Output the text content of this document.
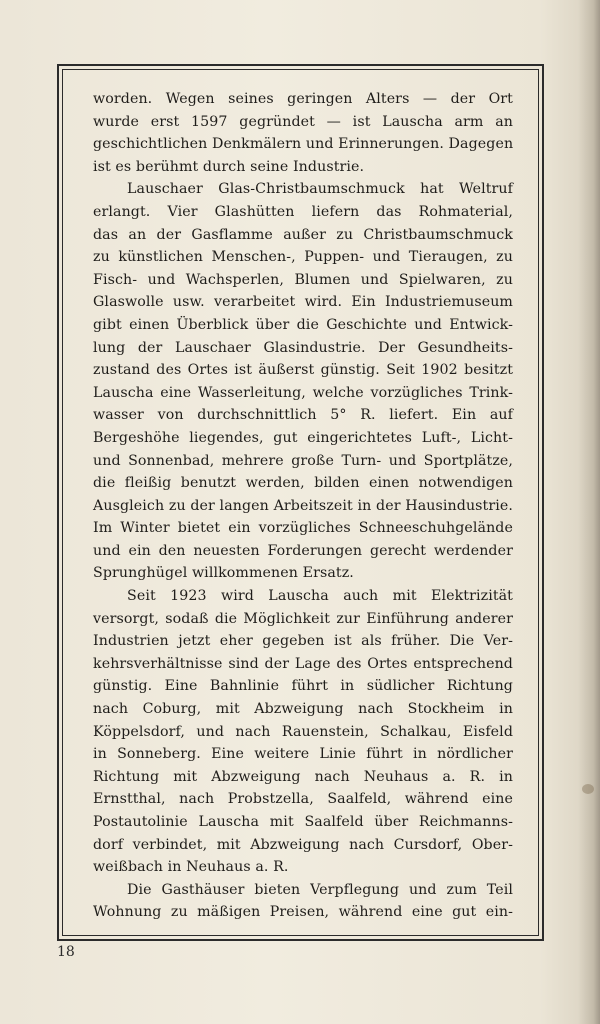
worden. Wegen seines geringen Alters — der Ort
wurde erst 1597 gegründet — ist Lauscha arm an
geschichtlichen Denkmälern und Erinnerungen. Dagegen
ist es berühmt durch seine Industrie.
Lauschaer Glas-Christbaumschmuck hat Weltruf
erlangt. Vier Glashütten liefern das Rohmaterial,
das an der Gasflamme außer zu Christbaumschmuck
zu künstlichen Menschen-, Puppen- und Tieraugen, zu
Fisch- und Wachsperlen, Blumen und Spielwaren, zu
Glaswolle usw. verarbeitet wird. Ein Industriemuseum
gibt einen Überblick über die Geschichte und Entwick-
lung der Lauschaer Glasindustrie. Der Gesundheits-
zustand des Ortes ist äußerst günstig. Seit 1902 besitzt
Lauscha eine Wasserleitung, welche vorzügliches Trink-
wasser von durchschnittlich 5° R. liefert. Ein auf
Bergeshöhe liegendes, gut eingerichtetes Luft-, Licht-
und Sonnenbad, mehrere große Turn- und Sportplätze,
die fleißig benutzt werden, bilden einen notwendigen
Ausgleich zu der langen Arbeitszeit in der Hausindustrie.
Im Winter bietet ein vorzügliches Schneeschuhgelände
und ein den neuesten Forderungen gerecht werdender
Sprunghügel willkommenen Ersatz.
Seit 1923 wird Lauscha auch mit Elektrizität
versorgt, sodaß die Möglichkeit zur Einführung anderer
Industrien jetzt eher gegeben ist als früher. Die Ver-
kehrsverhältnisse sind der Lage des Ortes entsprechend
günstig. Eine Bahnlinie führt in südlicher Richtung
nach Coburg, mit Abzweigung nach Stockheim in
Köppelsdorf, und nach Rauenstein, Schalkau, Eisfeld
in Sonneberg. Eine weitere Linie führt in nördlicher
Richtung mit Abzweigung nach Neuhaus a. R. in
Ernstthal, nach Probstzella, Saalfeld, während eine
Postautolinie Lauscha mit Saalfeld über Reichmanns-
dorf verbindet, mit Abzweigung nach Cursdorf, Ober-
weißbach in Neuhaus a. R.
Die Gasthäuser bieten Verpflegung und zum Teil
Wohnung zu mäßigen Preisen, während eine gut ein-
18
